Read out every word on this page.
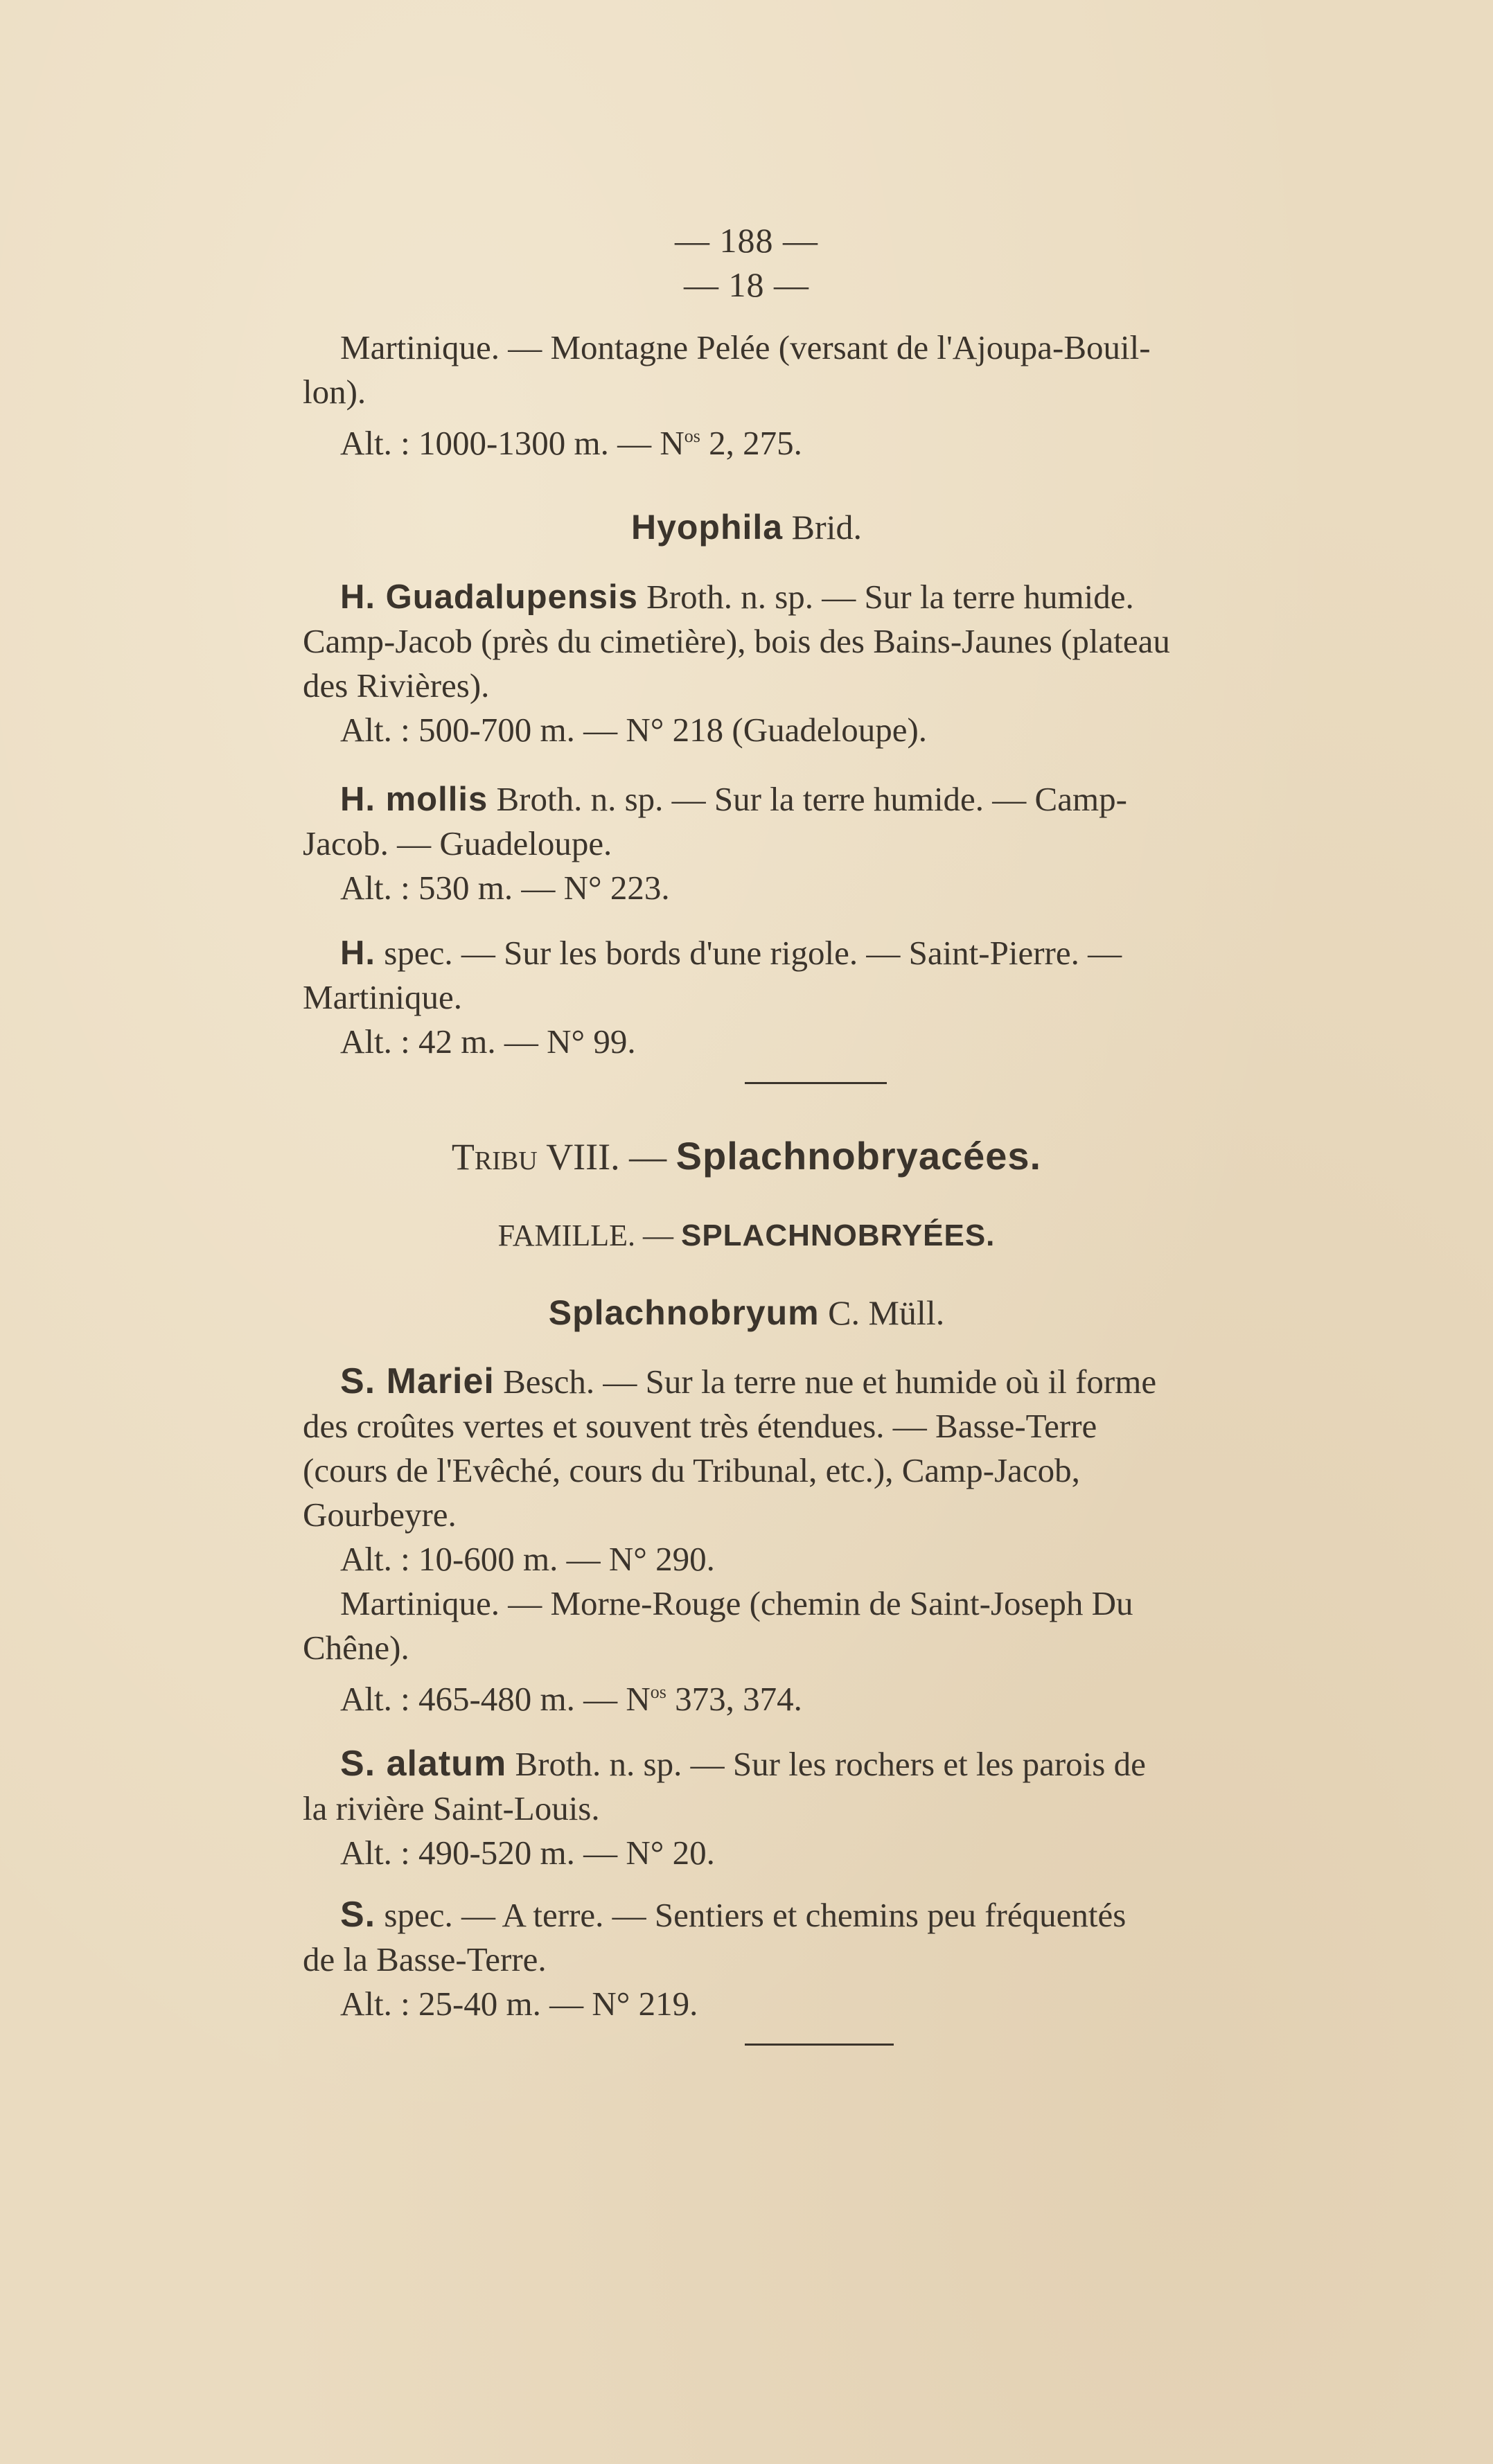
— 188 —
— 18 —

Martinique. — Montagne Pelée (versant de l'Ajoupa-Bouil-

lon).

Alt. : 1000-1300 m. — $N^{os}$ 2, 275.

Hyophila Brid.

H. Guadalupensis Broth. n. sp. — Sur la terre humide.

Camp-Jacob (près du cimetière), bois des Bains-Jaunes (plateau

des Rivières).

Alt. : 500-700 m. — N° 218 (Guadeloupe).

H. mollis Broth. n. sp. — Sur la terre humide. — Camp-

Jacob. — Guadeloupe.

Alt. : 530 m. — N° 223.

H. spec. — Sur les bords d'une rigole. — Saint-Pierre. —

Martinique.

Alt. : 42 m. — N° 99.

Tribu VIII. — Splachnobryacées.
FAMILLE. — SPLACHNOBRYÉES.
Splachnobryum C. Müll.

S. Mariei Besch. — Sur la terre nue et humide où il forme

des croûtes vertes et souvent très étendues. — Basse-Terre

(cours de l'Evêché, cours du Tribunal, etc.), Camp-Jacob,

Gourbeyre.

Alt. : 10-600 m. — N° 290.

Martinique. — Morne-Rouge (chemin de Saint-Joseph Du

Chêne).

Alt. : 465-480 m. — $N^{os}$ 373, 374.

S. alatum Broth. n. sp. — Sur les rochers et les parois de

la rivière Saint-Louis.

Alt. : 490-520 m. — N° 20.

S. spec. — A terre. — Sentiers et chemins peu fréquentés

de la Basse-Terre.

Alt. : 25-40 m. — N° 219.
